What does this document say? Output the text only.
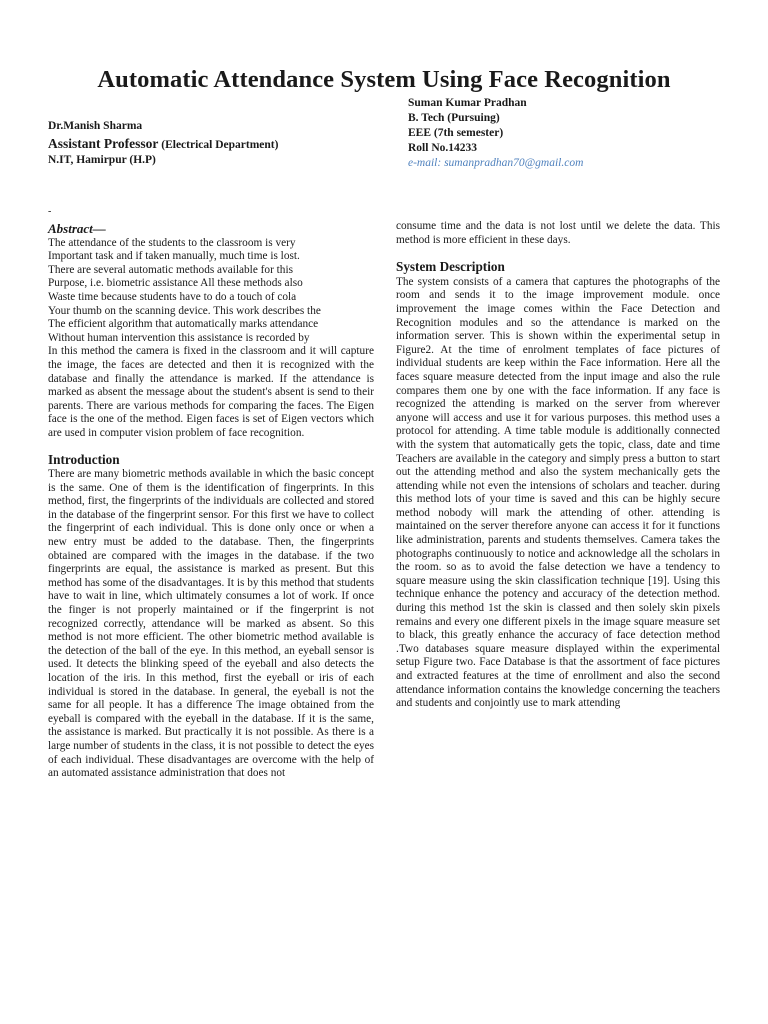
Automatic Attendance System Using Face Recognition
Dr.Manish Sharma
Assistant Professor (Electrical Department)
N.IT, Hamirpur (H.P)
Suman Kumar Pradhan
B. Tech (Pursuing)
EEE (7th semester)
Roll No.14233
e-mail: sumanpradhan70@gmail.com
-
Abstract—
The attendance of the students to the classroom is very
Important task and if taken manually, much time is lost.
There are several automatic methods available for this
Purpose, i.e. biometric assistance All these methods also
Waste time because students have to do a touch of cola
Your thumb on the scanning device. This work describes the
The efficient algorithm that automatically marks attendance
Without human intervention this assistance is recorded by

In this method the camera is fixed in the classroom and it will capture the image, the faces are detected and then it is recognized with the database and finally the attendance is marked. If the attendance is marked as absent the message about the student's absent is send to their parents. There are various methods for comparing the faces. The Eigen face is the one of the method. Eigen faces is set of Eigen vectors which are used in computer vision problem of face recognition.

Introduction

There are many biometric methods available in which the basic concept is the same. One of them is the identification of fingerprints. In this method, first, the fingerprints of the individuals are collected and stored in the database of the fingerprint sensor. For this first we have to collect the fingerprint of each individual. This is done only once or when a new entry must be added to the database. Then, the fingerprints obtained are compared with the images in the database. if the two fingerprints are equal, the assistance is marked as present. But this method has some of the disadvantages. It is by this method that students have to wait in line, which ultimately consumes a lot of work. If once the finger is not properly maintained or if the fingerprint is not recognized correctly, attendance will be marked as absent. So this method is not more efficient. The other biometric method available is the detection of the ball of the eye. In this method, an eyeball sensor is used. It detects the blinking speed of the eyeball and also detects the location of the iris. In this method, first the eyeball or iris of each individual is stored in the database. In general, the eyeball is not the same for all people. It has a difference The image obtained from the eyeball is compared with the eyeball in the database. If it is the same, the assistance is marked. But practically it is not possible. As there is a large number of students in the class, it is not possible to detect the eyes of each individual. These disadvantages are overcome with the help of an automated assistance administration that does not

consume time and the data is not lost until we delete the data. This method is more efficient in these days.

System Description

The system consists of a camera that captures the photographs of the room and sends it to the image improvement module. once improvement the image comes within the Face Detection and Recognition modules and so the attendance is marked on the information server. This is shown within the experimental setup in Figure2. At the time of enrolment templates of face pictures of individual students are keep within the Face information. Here all the faces square measure detected from the input image and also the rule compares them one by one with the face information. If any face is recognized the attending is marked on the server from wherever anyone will access and use it for various purposes. this method uses a protocol for attending. A time table module is additionally connected with the system that automatically gets the topic, class, date and time Teachers are available in the category and simply press a button to start out the attending method and also the system mechanically gets the attending while not even the intensions of scholars and teacher. during this method lots of your time is saved and this can be highly secure method nobody will mark the attending of other. attending is maintained on the server therefore anyone can access it for it functions like administration, parents and students themselves. Camera takes the photographs continuously to notice and acknowledge all the scholars in the room. so as to avoid the false detection we have a tendency to square measure using the skin classification technique [19]. Using this technique enhance the potency and accuracy of the detection method. during this method 1st the skin is classed and then solely skin pixels remains and every one different pixels in the image square measure set to black, this greatly enhance the accuracy of face detection method .Two databases square measure displayed within the experimental setup Figure two. Face Database is that the assortment of face pictures and extracted features at the time of enrollment and also the second attendance information contains the knowledge concerning the teachers and students and conjointly use to mark attending
